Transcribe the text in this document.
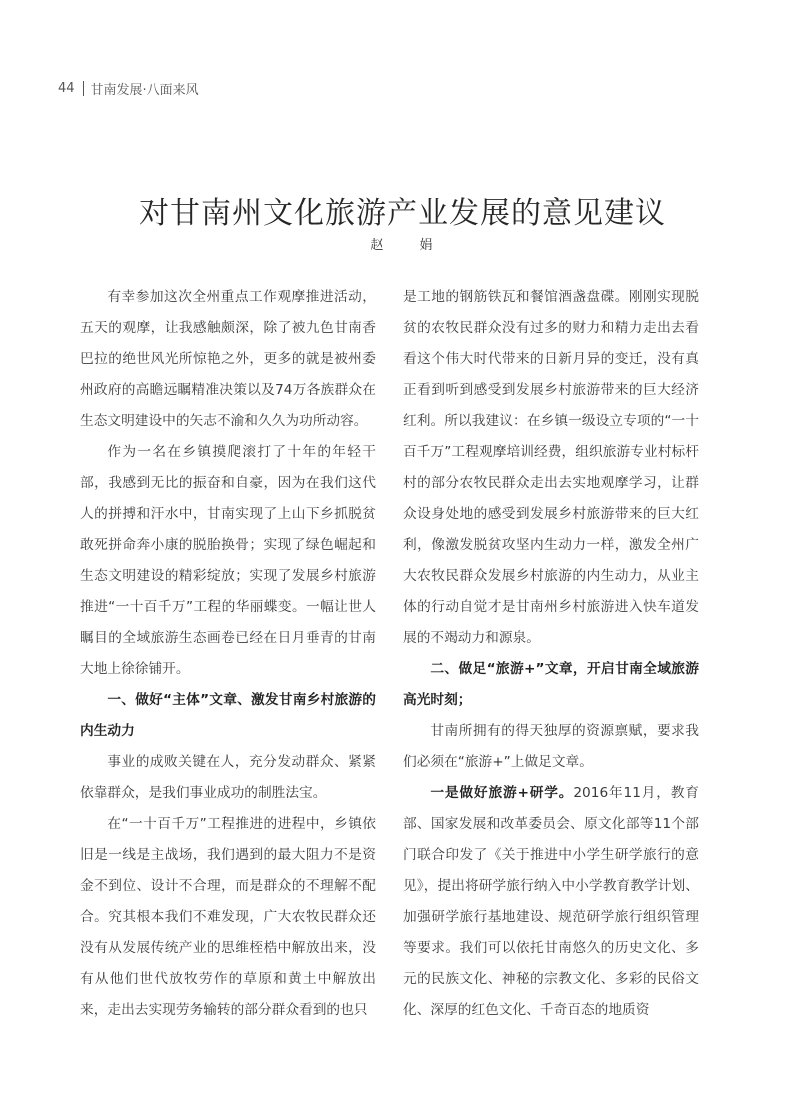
44 甘南发展·八面来风
对甘南州文化旅游产业发展的意见建议
赵 娟

有幸参加这次全州重点工作观摩推进活动，五天的观摩，让我感触颇深，除了被九色甘南香巴拉的绝世风光所惊艳之外，更多的就是被州委州政府的高瞻远瞩精准决策以及74万各族群众在生态文明建设中的矢志不渝和久久为功所动容。

作为一名在乡镇摸爬滚打了十年的年轻干部，我感到无比的振奋和自豪，因为在我们这代人的拼搏和汗水中，甘南实现了上山下乡抓脱贫敢死拼命奔小康的脱胎换骨；实现了绿色崛起和生态文明建设的精彩绽放；实现了发展乡村旅游推进“一十百千万”工程的华丽蝶变。一幅让世人瞩目的全域旅游生态画卷已经在日月垂青的甘南大地上徐徐铺开。

一、做好“主体”文章、激发甘南乡村旅游的内生动力

事业的成败关键在人，充分发动群众、紧紧依靠群众，是我们事业成功的制胜法宝。

在“一十百千万”工程推进的进程中，乡镇依旧是一线是主战场，我们遇到的最大阻力不是资金不到位、设计不合理，而是群众的不理解不配合。究其根本我们不难发现，广大农牧民群众还没有从发展传统产业的思维桎梏中解放出来，没有从他们世代放牧劳作的草原和黄土中解放出来，走出去实现劳务输转的部分群众看到的也只

是工地的钢筋铁瓦和餐馆酒盏盘碟。刚刚实现脱贫的农牧民群众没有过多的财力和精力走出去看看这个伟大时代带来的日新月异的变迁，没有真正看到听到感受到发展乡村旅游带来的巨大经济红利。所以我建议：在乡镇一级设立专项的“一十百千万”工程观摩培训经费，组织旅游专业村标杆村的部分农牧民群众走出去实地观摩学习，让群众设身处地的感受到发展乡村旅游带来的巨大红利，像激发脱贫攻坚内生动力一样，激发全州广大农牧民群众发展乡村旅游的内生动力，从业主体的行动自觉才是甘南州乡村旅游进入快车道发展的不竭动力和源泉。

二、做足“旅游+”文章，开启甘南全域旅游高光时刻；

甘南所拥有的得天独厚的资源禀赋，要求我们必须在“旅游+”上做足文章。

一是做好旅游+研学。2016年11月，教育部、国家发展和改革委员会、原文化部等11个部门联合印发了《关于推进中小学生研学旅行的意见》，提出将研学旅行纳入中小学教育教学计划、加强研学旅行基地建设、规范研学旅行组织管理等要求。我们可以依托甘南悠久的历史文化、多元的民族文化、神秘的宗教文化、多彩的民俗文化、深厚的红色文化、千奇百态的地质资
